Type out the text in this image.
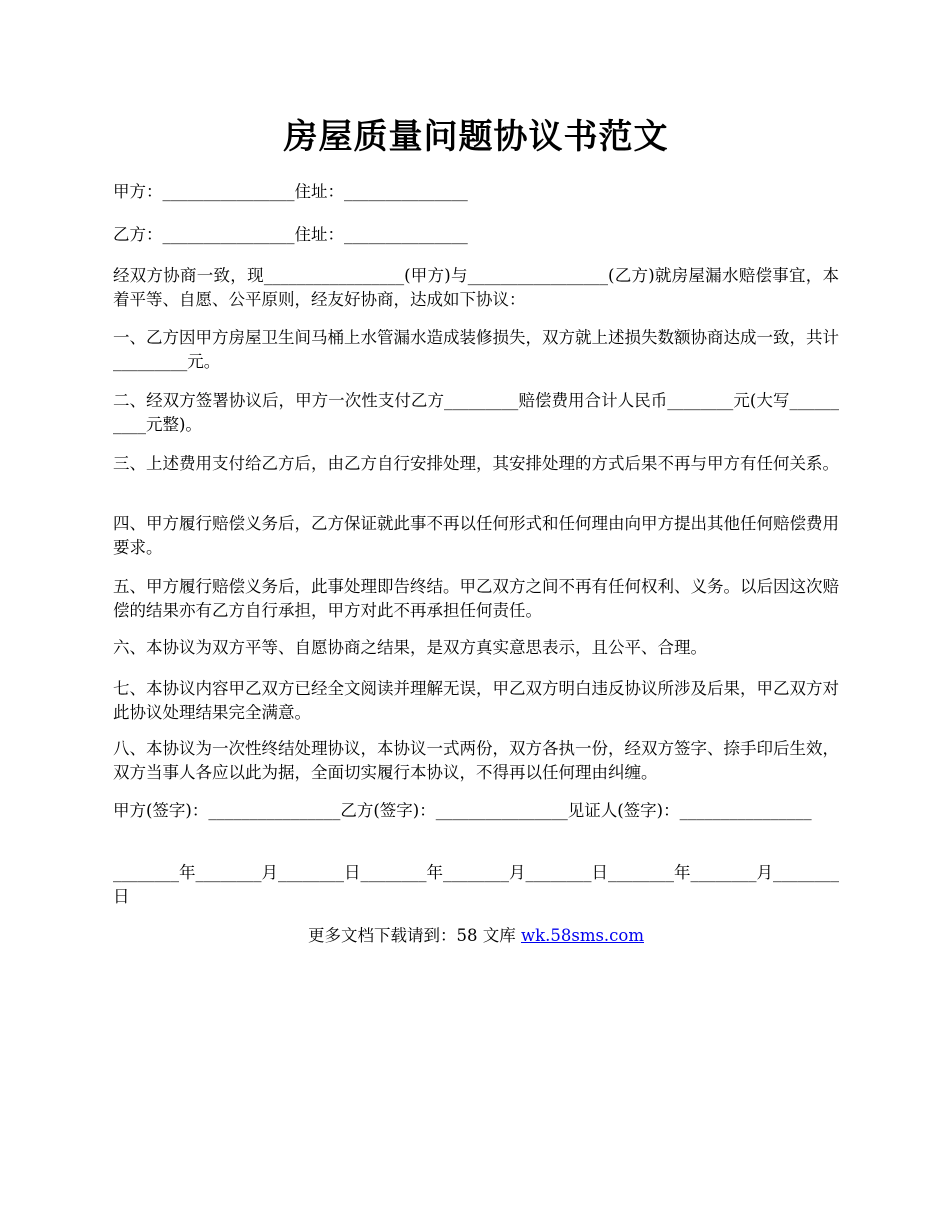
房屋质量问题协议书范文
甲方：________________住址：_______________
乙方：________________住址：_______________
经双方协商一致，现_________________(甲方)与_________________(乙方)就房屋漏水赔偿事宜，本着平等、自愿、公平原则，经友好协商，达成如下协议：
一、乙方因甲方房屋卫生间马桶上水管漏水造成装修损失，双方就上述损失数额协商达成一致，共计_________元。
二、经双方签署协议后，甲方一次性支付乙方_________赔偿费用合计人民币________元(大写__________元整)。
三、上述费用支付给乙方后，由乙方自行安排处理，其安排处理的方式后果不再与甲方有任何关系。
四、甲方履行赔偿义务后，乙方保证就此事不再以任何形式和任何理由向甲方提出其他任何赔偿费用要求。
五、甲方履行赔偿义务后，此事处理即告终结。甲乙双方之间不再有任何权利、义务。以后因这次赔偿的结果亦有乙方自行承担，甲方对此不再承担任何责任。
六、本协议为双方平等、自愿协商之结果，是双方真实意思表示，且公平、合理。
七、本协议内容甲乙双方已经全文阅读并理解无误，甲乙双方明白违反协议所涉及后果，甲乙双方对此协议处理结果完全满意。
八、本协议为一次性终结处理协议，本协议一式两份，双方各执一份，经双方签字、捺手印后生效，双方当事人各应以此为据，全面切实履行本协议，不得再以任何理由纠缠。
甲方(签字)：________________乙方(签字)：________________见证人(签字)：________________
________年________月________日________年________月________日________年________月________日
更多文档下载请到：58 文库 wk.58sms.com
